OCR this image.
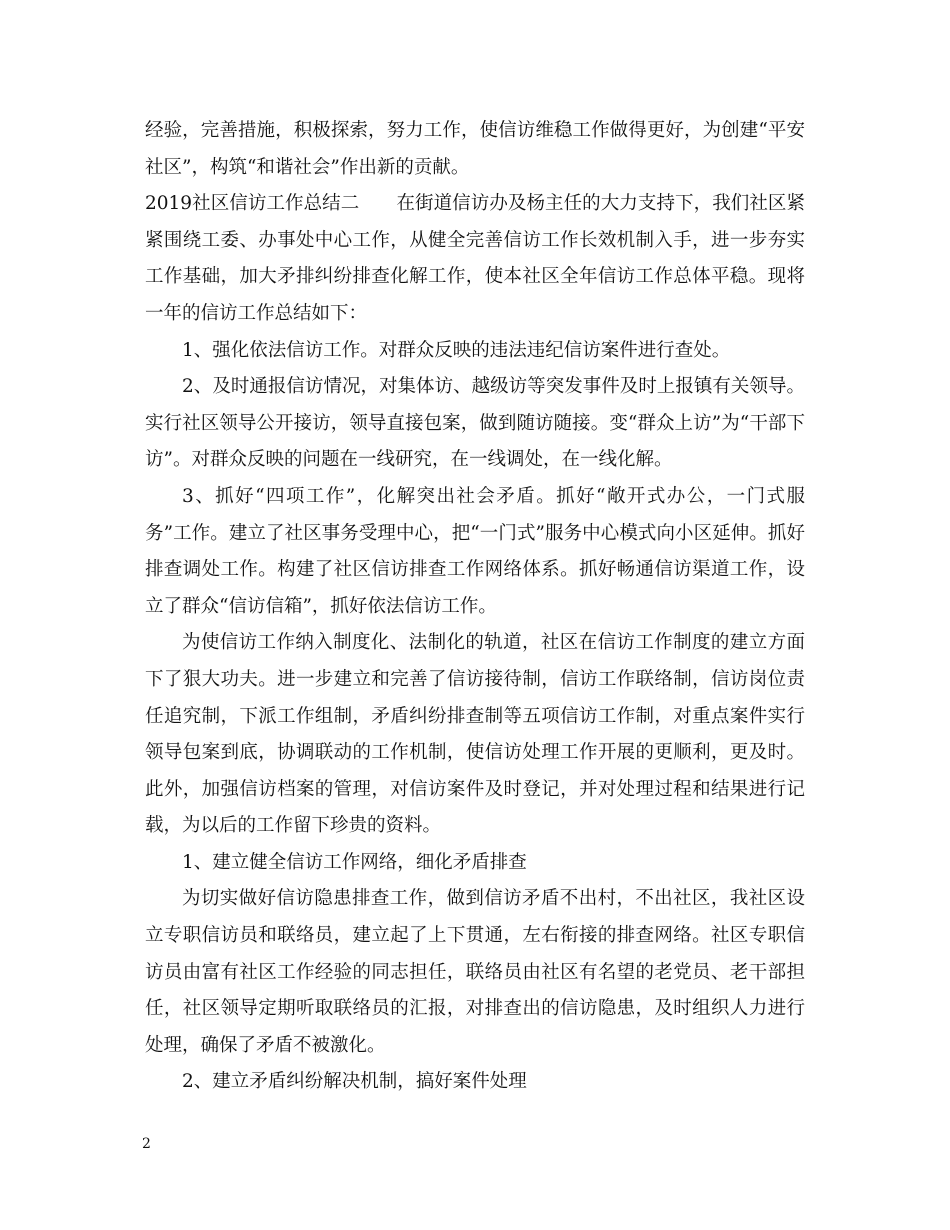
经验，完善措施，积极探索，努力工作，使信访维稳工作做得更好，为创建“平安社区”，构筑“和谐社会”作出新的贡献。

2019社区信访工作总结二　　在街道信访办及杨主任的大力支持下，我们社区紧紧围绕工委、办事处中心工作，从健全完善信访工作长效机制入手，进一步夯实工作基础，加大矛排纠纷排查化解工作，使本社区全年信访工作总体平稳。现将一年的信访工作总结如下：

1、强化依法信访工作。对群众反映的违法违纪信访案件进行查处。

2、及时通报信访情况，对集体访、越级访等突发事件及时上报镇有关领导。实行社区领导公开接访，领导直接包案，做到随访随接。变“群众上访”为“干部下访”。对群众反映的问题在一线研究，在一线调处，在一线化解。

3、抓好“四项工作”，化解突出社会矛盾。抓好“敞开式办公，一门式服务”工作。建立了社区事务受理中心，把“一门式”服务中心模式向小区延伸。抓好排查调处工作。构建了社区信访排查工作网络体系。抓好畅通信访渠道工作，设立了群众“信访信箱”，抓好依法信访工作。

为使信访工作纳入制度化、法制化的轨道，社区在信访工作制度的建立方面下了狠大功夫。进一步建立和完善了信访接待制，信访工作联络制，信访岗位责任追究制，下派工作组制，矛盾纠纷排查制等五项信访工作制，对重点案件实行领导包案到底，协调联动的工作机制，使信访处理工作开展的更顺利，更及时。此外，加强信访档案的管理，对信访案件及时登记，并对处理过程和结果进行记载，为以后的工作留下珍贵的资料。

1、建立健全信访工作网络，细化矛盾排查

为切实做好信访隐患排查工作，做到信访矛盾不出村，不出社区，我社区设立专职信访员和联络员，建立起了上下贯通，左右衔接的排查网络。社区专职信访员由富有社区工作经验的同志担任，联络员由社区有名望的老党员、老干部担任，社区领导定期听取联络员的汇报，对排查出的信访隐患，及时组织人力进行处理，确保了矛盾不被激化。

2、建立矛盾纠纷解决机制，搞好案件处理

2
